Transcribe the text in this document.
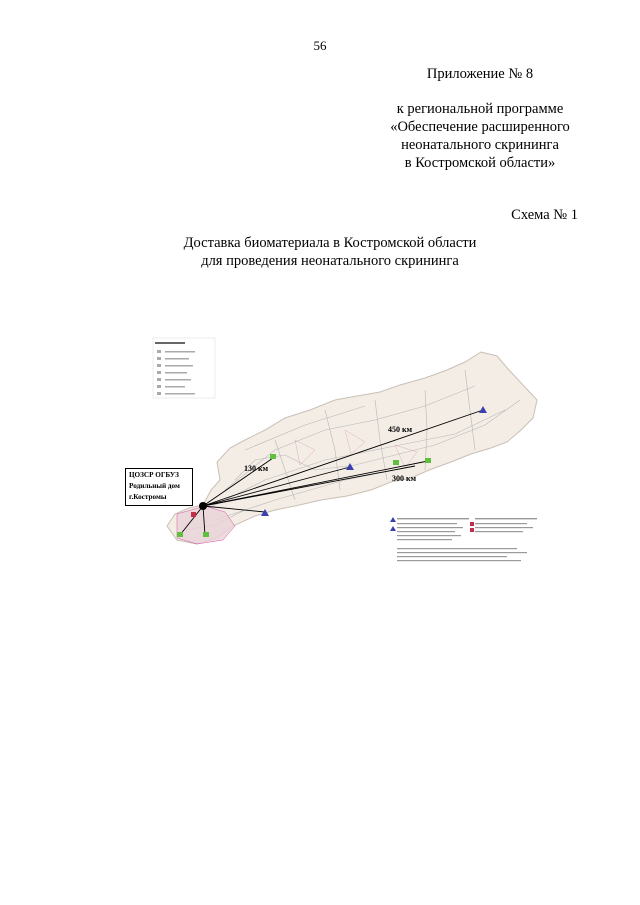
56
Приложение № 8
к региональной программе
«Обеспечение расширенного
неонатального скрининга
в Костромской области»
Схема № 1
Доставка биоматериала в Костромской области
для проведения неонатального скрининга
ЦОЗСР ОГБУЗ
Родильный дом
г.Костромы
450 км
130 км
300 км
